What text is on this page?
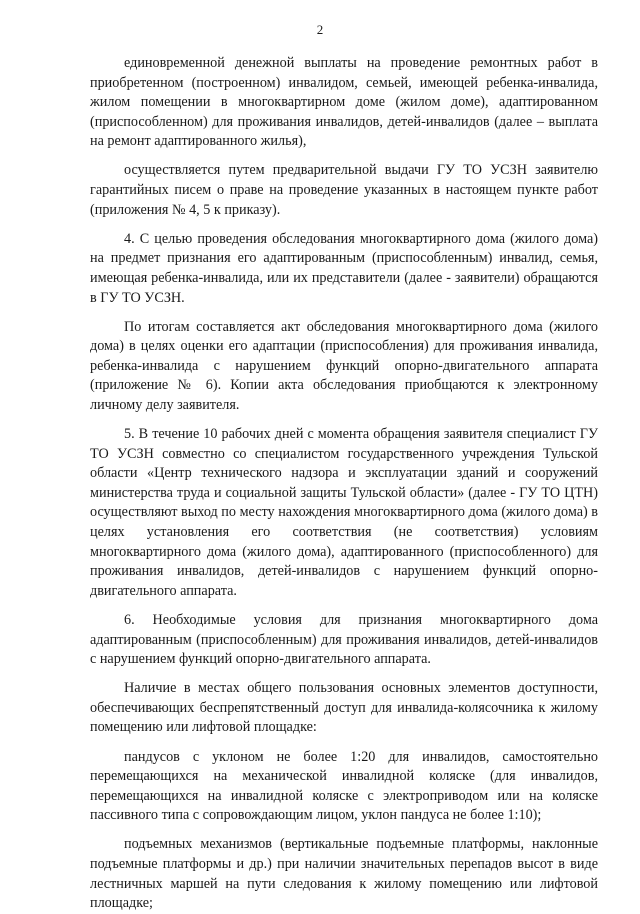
2

единовременной денежной выплаты на проведение ремонтных работ в приобретенном (построенном) инвалидом, семьей, имеющей ребенка-инвалида, жилом помещении в многоквартирном доме (жилом доме), адаптированном (приспособленном) для проживания инвалидов, детей-инвалидов (далее – выплата на ремонт адаптированного жилья),

осуществляется путем предварительной выдачи ГУ ТО УСЗН заявителю гарантийных писем о праве на проведение указанных в настоящем пункте работ (приложения № 4, 5 к приказу).

4. С целью проведения обследования многоквартирного дома (жилого дома) на предмет признания его адаптированным (приспособленным) инвалид, семья, имеющая ребенка-инвалида, или их представители (далее - заявители) обращаются в ГУ ТО УСЗН.

По итогам составляется акт обследования многоквартирного дома (жилого дома) в целях оценки его адаптации (приспособления) для проживания инвалида, ребенка-инвалида с нарушением функций опорно-двигательного аппарата (приложение № 6). Копии акта обследования приобщаются к электронному личному делу заявителя.

5. В течение 10 рабочих дней с момента обращения заявителя специалист ГУ ТО УСЗН совместно со специалистом государственного учреждения Тульской области «Центр технического надзора и эксплуатации зданий и сооружений министерства труда и социальной защиты Тульской области» (далее - ГУ ТО ЦТН) осуществляют выход по месту нахождения многоквартирного дома (жилого дома) в целях установления его соответствия (не соответствия) условиям многоквартирного дома (жилого дома), адаптированного (приспособленного) для проживания инвалидов, детей-инвалидов с нарушением функций опорно-двигательного аппарата.

6. Необходимые условия для признания многоквартирного дома адаптированным (приспособленным) для проживания инвалидов, детей-инвалидов с нарушением функций опорно-двигательного аппарата.

Наличие в местах общего пользования основных элементов доступности, обеспечивающих беспрепятственный доступ для инвалида-колясочника к жилому помещению или лифтовой площадке:

пандусов с уклоном не более 1:20 для инвалидов, самостоятельно перемещающихся на механической инвалидной коляске (для инвалидов, перемещающихся на инвалидной коляске с электроприводом или на коляске пассивного типа с сопровождающим лицом, уклон пандуса не более 1:10);

подъемных механизмов (вертикальные подъемные платформы, наклонные подъемные платформы и др.) при наличии значительных перепадов высот в виде лестничных маршей на пути следования к жилому помещению или лифтовой площадке;
